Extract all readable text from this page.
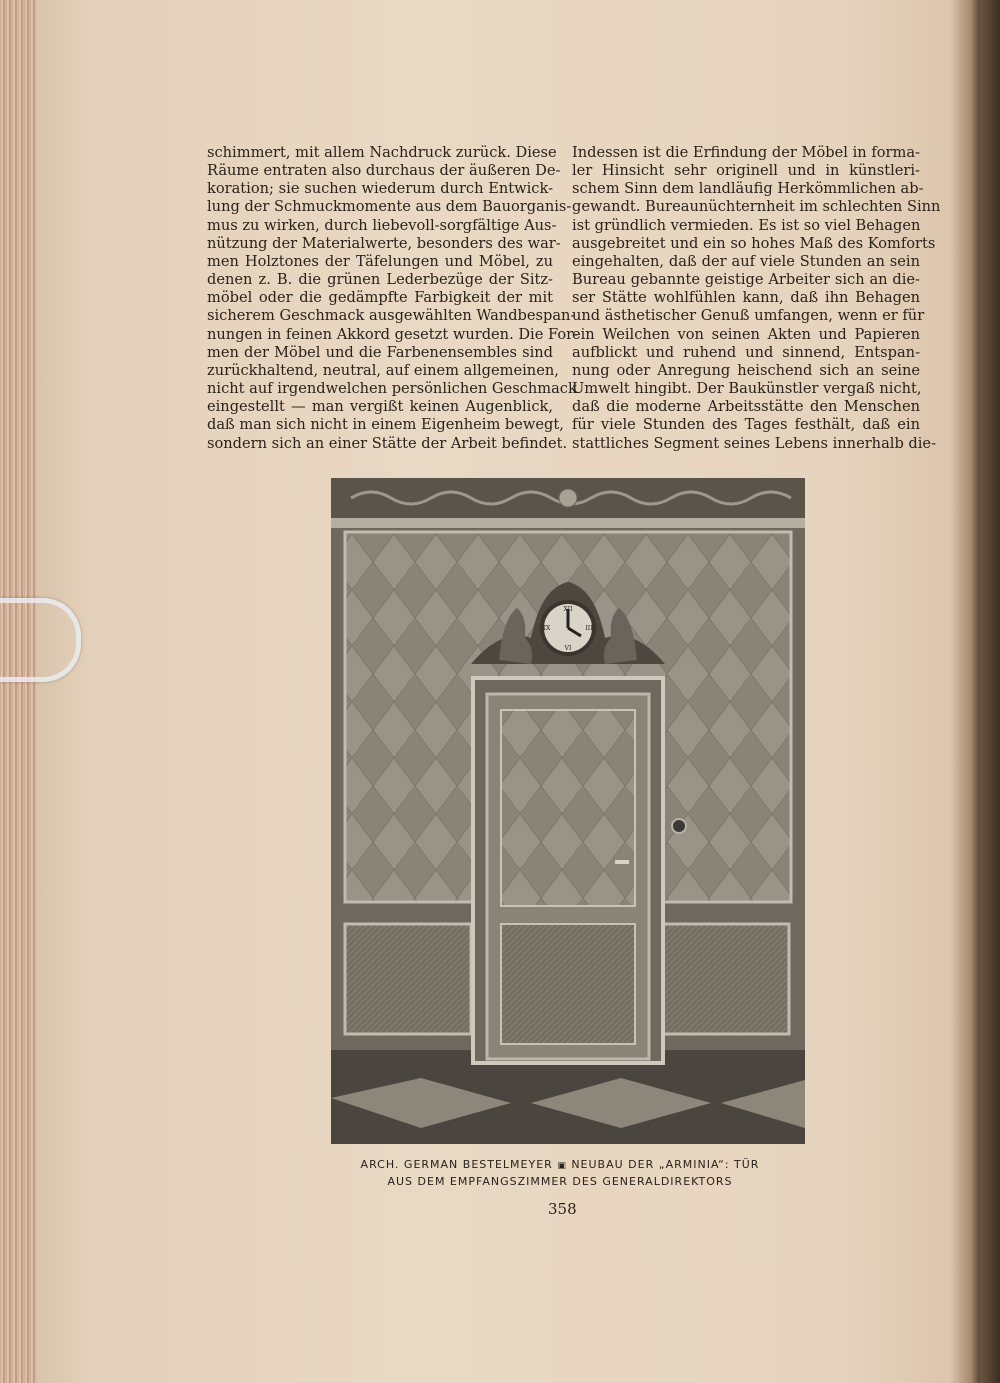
schimmert, mit allem Nachdruck zurück. Diese
Räume entraten also durchaus der äußeren De-
koration; sie suchen wiederum durch Entwick-
lung der Schmuckmomente aus dem Bauorganis-
mus zu wirken, durch liebevoll-sorgfältige Aus-
nützung der Materialwerte, besonders des war-
men Holztones der Täfelungen und Möbel, zu
denen z. B. die grünen Lederbezüge der Sitz-
möbel oder die gedämpfte Farbigkeit der mit
sicherem Geschmack ausgewählten Wandbespan-
nungen in feinen Akkord gesetzt wurden. Die For-
men der Möbel und die Farbenensembles sind
zurückhaltend, neutral, auf einem allgemeinen,
nicht auf irgendwelchen persönlichen Geschmack
eingestellt — man vergißt keinen Augenblick,
daß man sich nicht in einem Eigenheim bewegt,
sondern sich an einer Stätte der Arbeit befindet.
Indessen ist die Erfindung der Möbel in forma-
ler Hinsicht sehr originell und in künstleri-
schem Sinn dem landläufig Herkömmlichen ab-
gewandt. Bureaunüchternheit im schlechten Sinn
ist gründlich vermieden. Es ist so viel Behagen
ausgebreitet und ein so hohes Maß des Komforts
eingehalten, daß der auf viele Stunden an sein
Bureau gebannte geistige Arbeiter sich an die-
ser Stätte wohlfühlen kann, daß ihn Behagen
und ästhetischer Genuß umfangen, wenn er für
ein Weilchen von seinen Akten und Papieren
aufblickt und ruhend und sinnend, Entspan-
nung oder Anregung heischend sich an seine
Umwelt hingibt. Der Baukünstler vergaß nicht,
daß die moderne Arbeitsstätte den Menschen
für viele Stunden des Tages festhält, daß ein
stattliches Segment seines Lebens innerhalb die-
XII
III
VI
IX
ARCH. GERMAN BESTELMEYER ▣ NEUBAU DER „ARMINIA“: TÜR
AUS DEM EMPFANGSZIMMER DES GENERALDIREKTORS
358
